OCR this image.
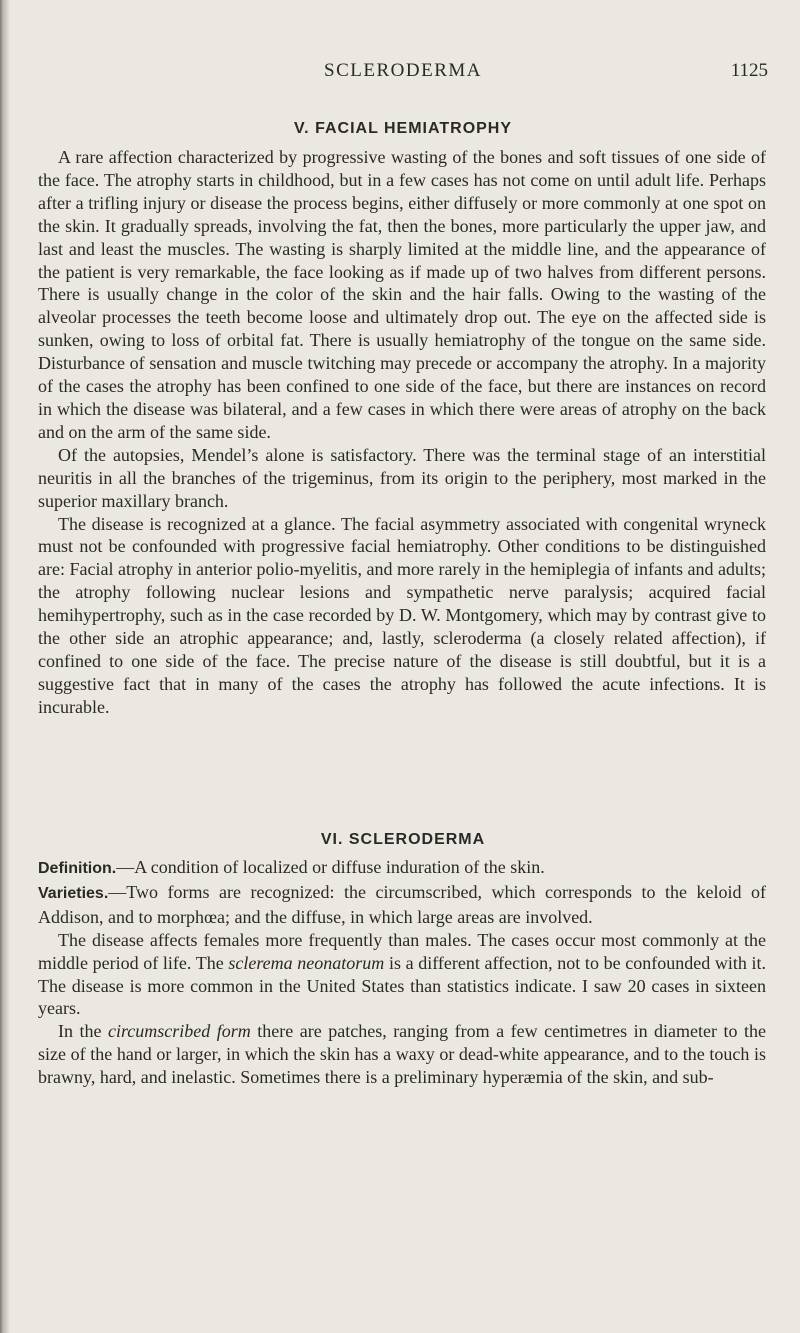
SCLERODERMA	1125
V. FACIAL HEMIATROPHY

A rare affection characterized by progressive wasting of the bones and soft tissues of one side of the face. The atrophy starts in childhood, but in a few cases has not come on until adult life. Perhaps after a trifling injury or disease the process begins, either diffusely or more commonly at one spot on the skin. It gradually spreads, involving the fat, then the bones, more particularly the upper jaw, and last and least the muscles. The wasting is sharply limited at the middle line, and the appearance of the patient is very remarkable, the face looking as if made up of two halves from different persons. There is usually change in the color of the skin and the hair falls. Owing to the wasting of the alveolar processes the teeth become loose and ultimately drop out. The eye on the affected side is sunken, owing to loss of orbital fat. There is usually hemiatrophy of the tongue on the same side. Disturbance of sensation and muscle twitching may precede or accompany the atrophy. In a majority of the cases the atrophy has been confined to one side of the face, but there are instances on record in which the disease was bilateral, and a few cases in which there were areas of atrophy on the back and on the arm of the same side.

Of the autopsies, Mendel’s alone is satisfactory. There was the terminal stage of an interstitial neuritis in all the branches of the trigeminus, from its origin to the periphery, most marked in the superior maxillary branch.

The disease is recognized at a glance. The facial asymmetry associated with congenital wryneck must not be confounded with progressive facial hemiatrophy. Other conditions to be distinguished are: Facial atrophy in anterior polio-myelitis, and more rarely in the hemiplegia of infants and adults; the atrophy following nuclear lesions and sympathetic nerve paralysis; acquired facial hemihypertrophy, such as in the case recorded by D. W. Montgomery, which may by contrast give to the other side an atrophic appearance; and, lastly, scleroderma (a closely related affection), if confined to one side of the face. The precise nature of the disease is still doubtful, but it is a suggestive fact that in many of the cases the atrophy has followed the acute infections. It is incurable.

VI. SCLERODERMA

Definition.—A condition of localized or diffuse induration of the skin.

Varieties.—Two forms are recognized: the circumscribed, which corresponds to the keloid of Addison, and to morphœa; and the diffuse, in which large areas are involved.

The disease affects females more frequently than males. The cases occur most commonly at the middle period of life. The sclerema neonatorum is a different affection, not to be confounded with it. The disease is more common in the United States than statistics indicate. I saw 20 cases in sixteen years.

In the circumscribed form there are patches, ranging from a few centimetres in diameter to the size of the hand or larger, in which the skin has a waxy or dead-white appearance, and to the touch is brawny, hard, and inelastic. Sometimes there is a preliminary hyperæmia of the skin, and sub-
